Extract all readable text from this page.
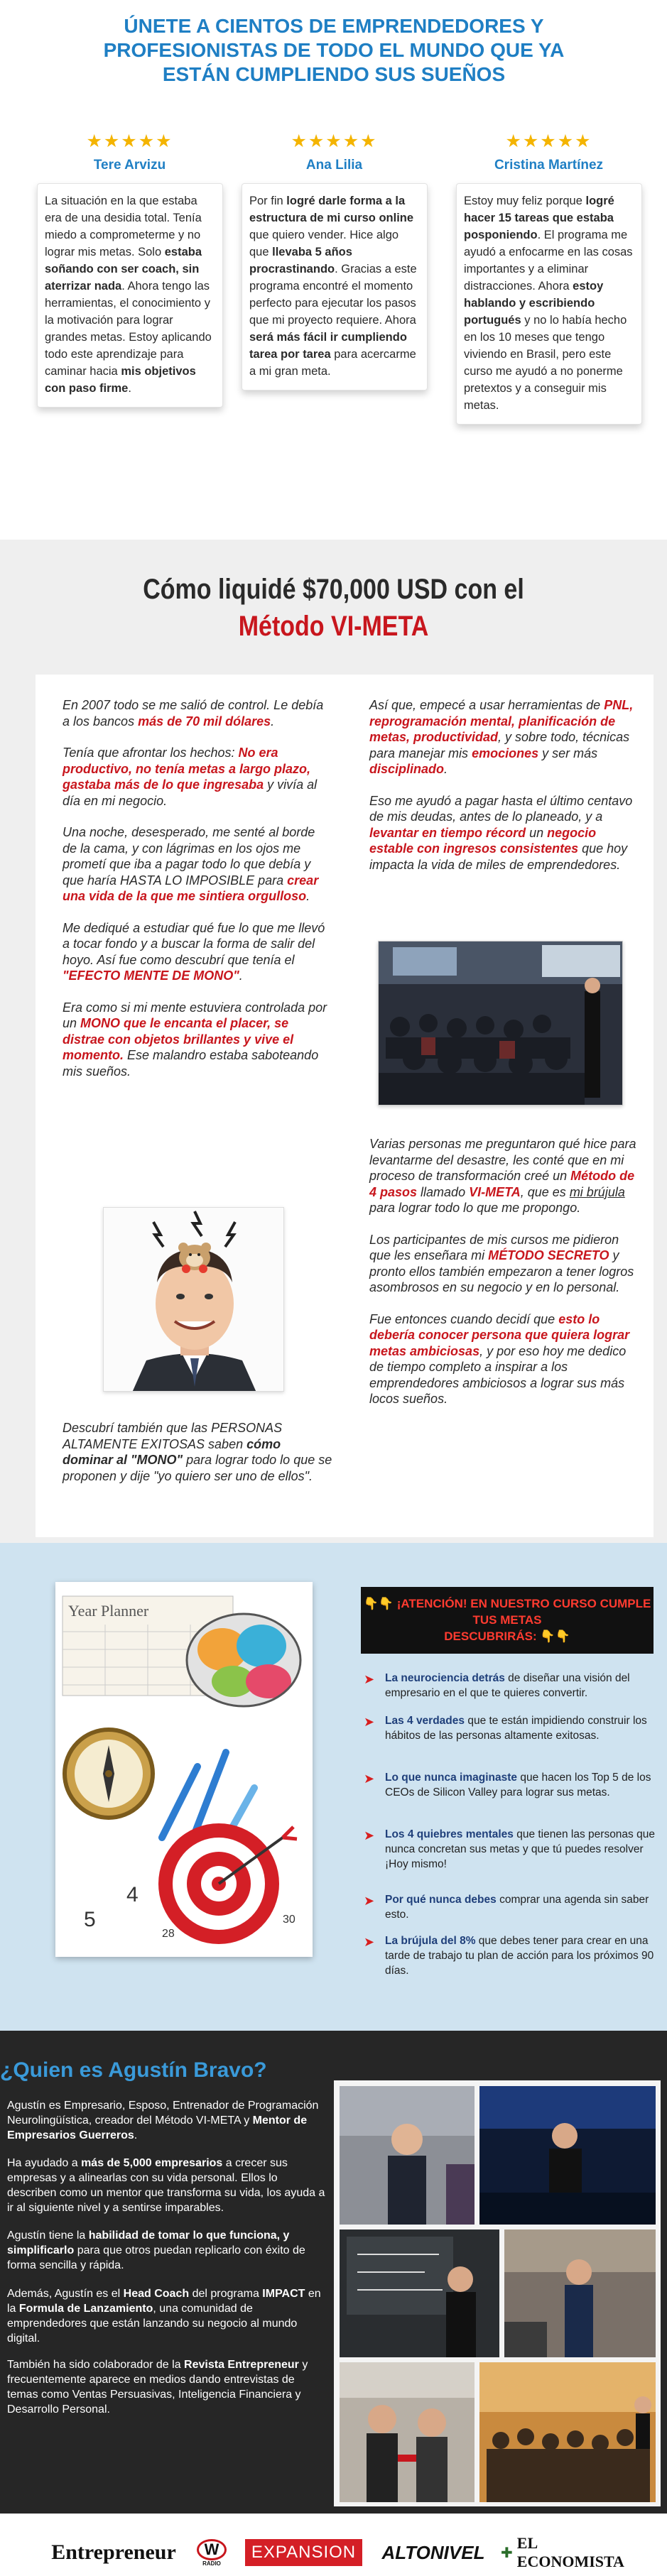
ÚNETE A CIENTOS DE EMPRENDEDORES Y PROFESIONISTAS DE TODO EL MUNDO QUE YA ESTÁN CUMPLIENDO SUS SUEÑOS
★★★★★
Tere Arvizu
La situación en la que estaba era de una desidia total. Tenía miedo a comprometerme y no lograr mis metas. Solo estaba soñando con ser coach, sin aterrizar nada. Ahora tengo las herramientas, el conocimiento y la motivación para lograr grandes metas. Estoy aplicando todo este aprendizaje para caminar hacia mis objetivos con paso firme.
★★★★★
Ana Lilia
Por fin logré darle forma a la estructura de mi curso online que quiero vender. Hice algo que llevaba 5 años procrastinando. Gracias a este programa encontré el momento perfecto para ejecutar los pasos que mi proyecto requiere. Ahora será más fácil ir cumpliendo tarea por tarea para acercarme a mi gran meta.
★★★★★
Cristina Martínez
Estoy muy feliz porque logré hacer 15 tareas que estaba posponiendo. El programa me ayudó a enfocarme en las cosas importantes y a eliminar distracciones. Ahora estoy hablando y escribiendo portugués y no lo había hecho en los 10 meses que tengo viviendo en Brasil, pero este curso me ayudó a no ponerme pretextos y a conseguir mis metas.
Cómo liquidé $70,000 USD con el
Método VI-META

En 2007 todo se me salió de control. Le debía a los bancos más de 70 mil dólares.

Tenía que afrontar los hechos: No era productivo, no tenía metas a largo plazo, gastaba más de lo que ingresaba y vivía al día en mi negocio.

Una noche, desesperado, me senté al borde de la cama, y con lágrimas en los ojos me prometí que iba a pagar todo lo que debía y que haría HASTA LO IMPOSIBLE para crear una vida de la que me sintiera orgulloso.

Me dediqué a estudiar qué fue lo que me llevó a tocar fondo y a buscar la forma de salir del hoyo. Así fue como descubrí que tenía el "EFECTO MENTE DE MONO".

Era como si mi mente estuviera controlada por un MONO que le encanta el placer, se distrae con objetos brillantes y vive el momento. Ese malandro estaba saboteando mis sueños.

Descubrí también que las PERSONAS ALTAMENTE EXITOSAS saben cómo dominar al "MONO" para lograr todo lo que se proponen y dije "yo quiero ser uno de ellos".

Así que, empecé a usar herramientas de PNL, reprogramación mental, planificación de metas, productividad, y sobre todo, técnicas para manejar mis emociones y ser más disciplinado.

Eso me ayudó a pagar hasta el último centavo de mis deudas, antes de lo planeado, y a levantar en tiempo récord un negocio estable con ingresos consistentes que hoy impacta la vida de miles de emprendedores.

Varias personas me preguntaron qué hice para levantarme del desastre, les conté que en mi proceso de transformación creé un Método de 4 pasos llamado VI-META, que es mi brújula para lograr todo lo que me propongo.

Los participantes de mis cursos me pidieron que les enseñara mi MÉTODO SECRETO y pronto ellos también empezaron a tener logros asombrosos en su negocio y en lo personal.

Fue entonces cuando decidí que esto lo debería conocer persona que quiera lograr metas ambiciosas, y por eso hoy me dedico de tiempo completo a inspirar a los emprendedores ambiciosos a lograr sus más locos sueños.

Year Planner
5
4
28
30
👇👇 ¡ATENCIÓN! EN NUESTRO CURSO CUMPLE TUS METAS
DESCUBRIRÁS: 👇👇
➤ La neurociencia detrás de diseñar una visión del empresario en el que te quieres convertir.
➤ Las 4 verdades que te están impidiendo construir los hábitos de las personas altamente exitosas.
➤ Lo que nunca imaginaste que hacen los Top 5 de los CEOs de Silicon Valley para lograr sus metas.
➤ Los 4 quiebres mentales que tienen las personas que nunca concretan sus metas y que tú puedes resolver ¡Hoy mismo!
➤ Por qué nunca debes comprar una agenda sin saber esto.
➤ La brújula del 8% que debes tener para crear en una tarde de trabajo tu plan de acción para los próximos 90 días.
¿Quien es Agustín Bravo?
Agustín es Empresario, Esposo, Entrenador de Programación Neurolingüística, creador del Método VI-META y Mentor de Empresarios Guerreros.
Ha ayudado a más de 5,000 empresarios a crecer sus empresas y a alinearlas con su vida personal. Ellos lo describen como un mentor que transforma su vida, los ayuda a ir al siguiente nivel y a sentirse imparables.
Agustín tiene la habilidad de tomar lo que funciona, y simplificarlo para que otros puedan replicarlo con éxito de forma sencilla y rápida.
Además, Agustín es el Head Coach del programa IMPACT en la Formula de Lanzamiento, una comunidad de emprendedores que están lanzando su negocio al mundo digital.
También ha sido colaborador de la Revista Entrepreneur y frecuentemente aparece en medios dando entrevistas de temas como Ventas Persuasivas, Inteligencia Financiera y Desarrollo Personal.
Entrepreneur	W
RADIO
EXPANSION ALTONIVEL ✚
EL ECONOMISTA
